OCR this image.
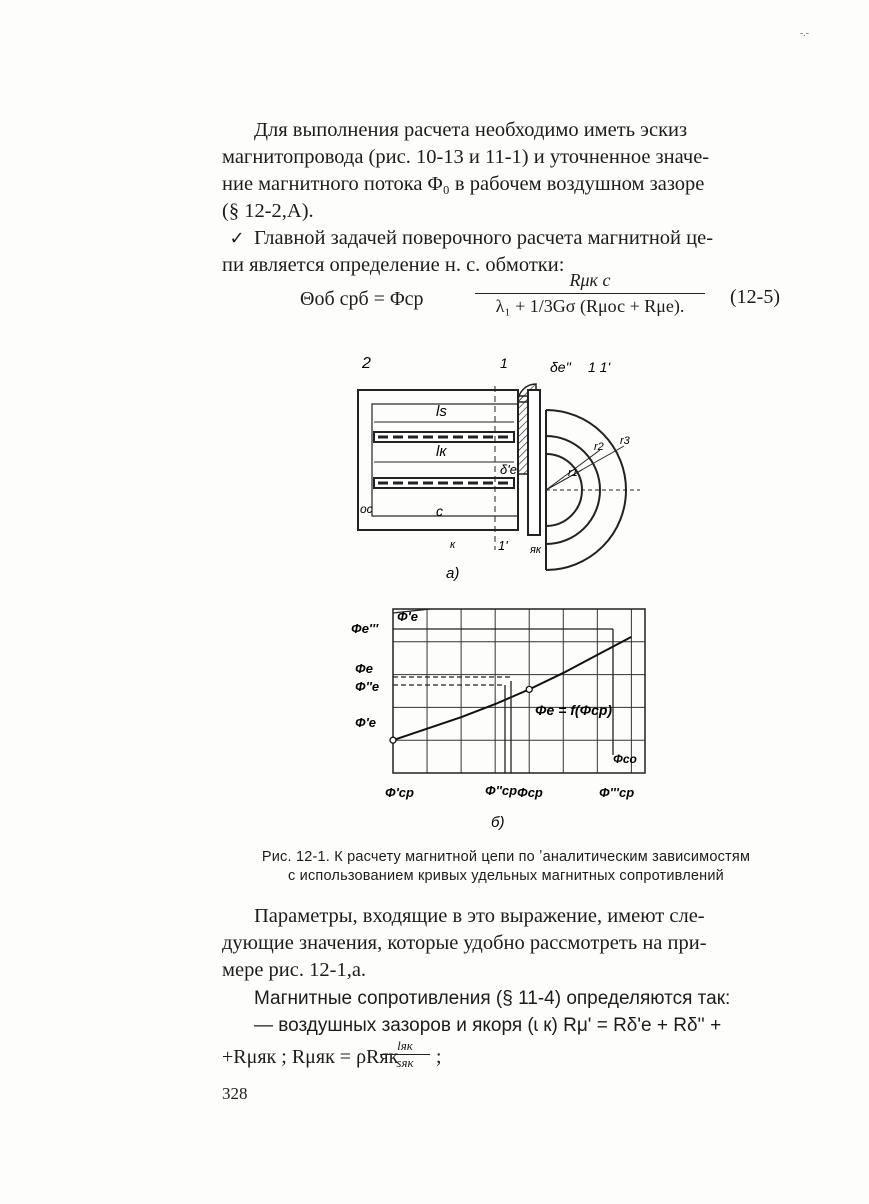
-.-
Для выполнения расчета необходимо иметь эскиз
магнитопровода (рис. 10-13 и 11-1) и уточненное значе-
ние магнитного потока Φ₀ в рабочем воздушном зазоре
(§ 12-2,А).
✓ Главной задачей поверочного расчета магнитной це-
пи является определение н. с. обмотки:
Θоб срб = Φср
Rμк с
λ₁ + 1/3Gσ (Rμос + Rμе).	(12-5)
2	1	δe'' 1 1'
ls
lк
δ'e
c
ос
к	1' як
r1
r2 r3
а)
Φe'''
Φ'e
Φe
Φ''e
Φ'e
Φ'ср	Φ''ср Φср	Φ'''ср
Φe = f(Φср)
Φсо
б)
Рис. 12-1. К расчету магнитной цепи по ʼаналитическим зависимостям
с использованием кривых удельных магнитных сопротивлений
Параметры, входящие в это выражение, имеют сле-
дующие значения, которые удобно рассмотреть на при-
мере рис. 12-1,а.
Магнитные сопротивления (§ 11-4) определяются так:
— воздушных зазоров и якоря (ɩ к) Rμ' = Rδ'e + Rδ'' +
+Rμяк ; Rμяк = ρRяк
lяк
sяк	;
328
